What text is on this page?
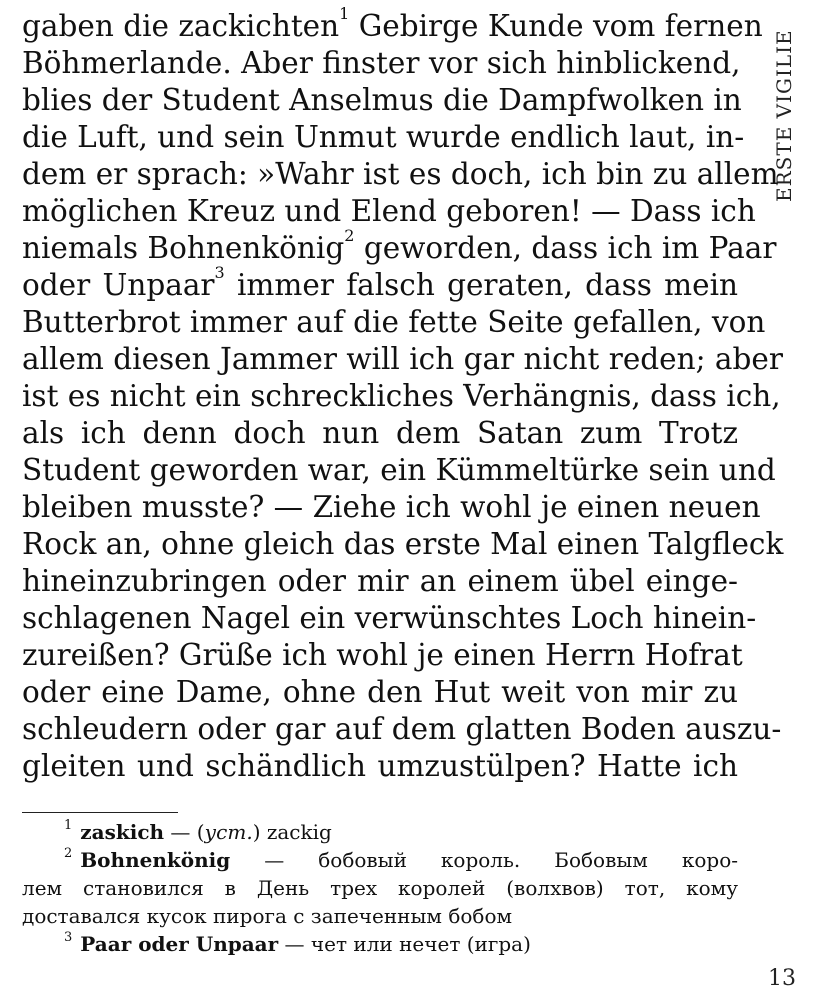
ERSTE VIGILIE
gaben die zackichten$^1$ Gebirge Kunde vom fernen
Böhmerlande. Aber finster vor sich hinblickend,
blies der Student Anselmus die Dampfwolken in
die Luft, und sein Unmut wurde endlich laut, in-
dem er sprach: »Wahr ist es doch, ich bin zu allem
möglichen Kreuz und Elend geboren! — Dass ich
niemals Bohnenkönig$^2$ geworden, dass ich im Paar
oder Unpaar$^3$ immer falsch geraten, dass mein
Butterbrot immer auf die fette Seite gefallen, von
allem diesen Jammer will ich gar nicht reden; aber
ist es nicht ein schreckliches Verhängnis, dass ich,
als ich denn doch nun dem Satan zum Trotz
Student geworden war, ein Kümmeltürke sein und
bleiben musste? — Ziehe ich wohl je einen neuen
Rock an, ohne gleich das erste Mal einen Talgfleck
hineinzubringen oder mir an einem übel einge-
schlagenen Nagel ein verwünschtes Loch hinein-
zureißen? Grüße ich wohl je einen Herrn Hofrat
oder eine Dame, ohne den Hut weit von mir zu
schleudern oder gar auf dem glatten Boden auszu-
gleiten und schändlich umzustülpen? Hatte ich
$^1$ zaskich — (уст.) zackig
$^2$ Bohnenkönig — бобовый король. Бобовым коро-
лем становился в День трех королей (волхвов) тот, кому
доставался кусок пирога с запеченным бобом
$^3$ Paar oder Unpaar — чет или нечет (игра)
13
